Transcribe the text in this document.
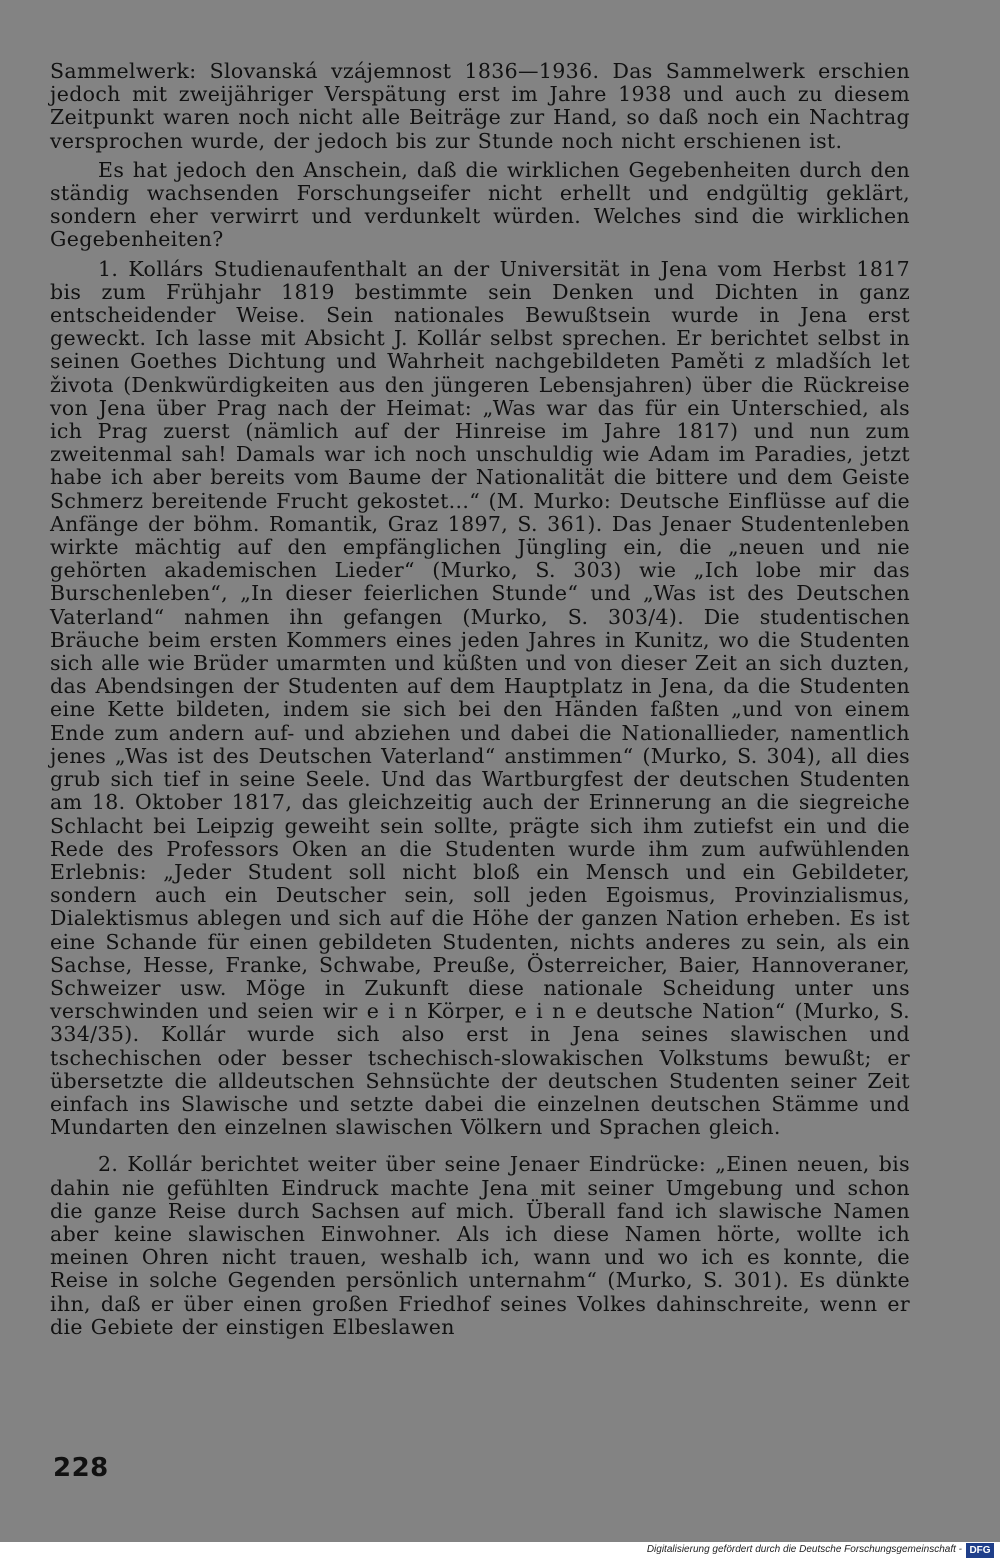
Sammelwerk: Slovanská vzájemnost 1836—1936. Das Sammelwerk erschien jedoch mit zweijähriger Verspätung erst im Jahre 1938 und auch zu diesem Zeitpunkt waren noch nicht alle Beiträge zur Hand, so daß noch ein Nachtrag versprochen wurde, der jedoch bis zur Stunde noch nicht erschienen ist.

Es hat jedoch den Anschein, daß die wirklichen Gegebenheiten durch den ständig wachsenden Forschungseifer nicht erhellt und endgültig geklärt, sondern eher verwirrt und verdunkelt würden. Welches sind die wirklichen Gegebenheiten?

1. Kollárs Studienaufenthalt an der Universität in Jena vom Herbst 1817 bis zum Frühjahr 1819 bestimmte sein Denken und Dichten in ganz entscheidender Weise. Sein nationales Bewußtsein wurde in Jena erst geweckt. Ich lasse mit Absicht J. Kollár selbst sprechen. Er berichtet selbst in seinen Goethes Dichtung und Wahrheit nachgebildeten Paměti z mladších let života (Denkwürdigkeiten aus den jüngeren Lebensjahren) über die Rückreise von Jena über Prag nach der Heimat: „Was war das für ein Unterschied, als ich Prag zuerst (nämlich auf der Hinreise im Jahre 1817) und nun zum zweitenmal sah! Damals war ich noch unschuldig wie Adam im Paradies, jetzt habe ich aber bereits vom Baume der Nationalität die bittere und dem Geiste Schmerz bereitende Frucht gekostet...“ (M. Murko: Deutsche Einflüsse auf die Anfänge der böhm. Romantik, Graz 1897, S. 361). Das Jenaer Studentenleben wirkte mächtig auf den empfänglichen Jüngling ein, die „neuen und nie gehörten akademischen Lieder“ (Murko, S. 303) wie „Ich lobe mir das Burschenleben“, „In dieser feierlichen Stunde“ und „Was ist des Deutschen Vaterland“ nahmen ihn gefangen (Murko, S. 303/4). Die studentischen Bräuche beim ersten Kommers eines jeden Jahres in Kunitz, wo die Studenten sich alle wie Brüder umarmten und küßten und von dieser Zeit an sich duzten, das Abendsingen der Studenten auf dem Hauptplatz in Jena, da die Studenten eine Kette bildeten, indem sie sich bei den Händen faßten „und von einem Ende zum andern auf- und abziehen und dabei die Nationallieder, namentlich jenes „Was ist des Deutschen Vaterland“ anstimmen“ (Murko, S. 304), all dies grub sich tief in seine Seele. Und das Wartburgfest der deutschen Studenten am 18. Oktober 1817, das gleichzeitig auch der Erinnerung an die siegreiche Schlacht bei Leipzig geweiht sein sollte, prägte sich ihm zutiefst ein und die Rede des Professors Oken an die Studenten wurde ihm zum aufwühlenden Erlebnis: „Jeder Student soll nicht bloß ein Mensch und ein Gebildeter, sondern auch ein Deutscher sein, soll jeden Egoismus, Provinzialismus, Dialektismus ablegen und sich auf die Höhe der ganzen Nation erheben. Es ist eine Schande für einen gebildeten Studenten, nichts anderes zu sein, als ein Sachse, Hesse, Franke, Schwabe, Preuße, Österreicher, Baier, Hannoveraner, Schweizer usw. Möge in Zukunft diese nationale Scheidung unter uns verschwinden und seien wir e i n Körper, e i n e deutsche Nation“ (Murko, S. 334/35). Kollár wurde sich also erst in Jena seines slawischen und tschechischen oder besser tschechisch-slowakischen Volkstums bewußt; er übersetzte die alldeutschen Sehnsüchte der deutschen Studenten seiner Zeit einfach ins Slawische und setzte dabei die einzelnen deutschen Stämme und Mundarten den einzelnen slawischen Völkern und Sprachen gleich.

2. Kollár berichtet weiter über seine Jenaer Eindrücke: „Einen neuen, bis dahin nie gefühlten Eindruck machte Jena mit seiner Umgebung und schon die ganze Reise durch Sachsen auf mich. Überall fand ich slawische Namen aber keine slawischen Einwohner. Als ich diese Namen hörte, wollte ich meinen Ohren nicht trauen, weshalb ich, wann und wo ich es konnte, die Reise in solche Gegenden persönlich unternahm“ (Murko, S. 301). Es dünkte ihn, daß er über einen großen Friedhof seines Volkes dahinschreite, wenn er die Gebiete der einstigen Elbeslawen

228
Digitalisierung gefördert durch die Deutsche Forschungsgemeinschaft - DFG
